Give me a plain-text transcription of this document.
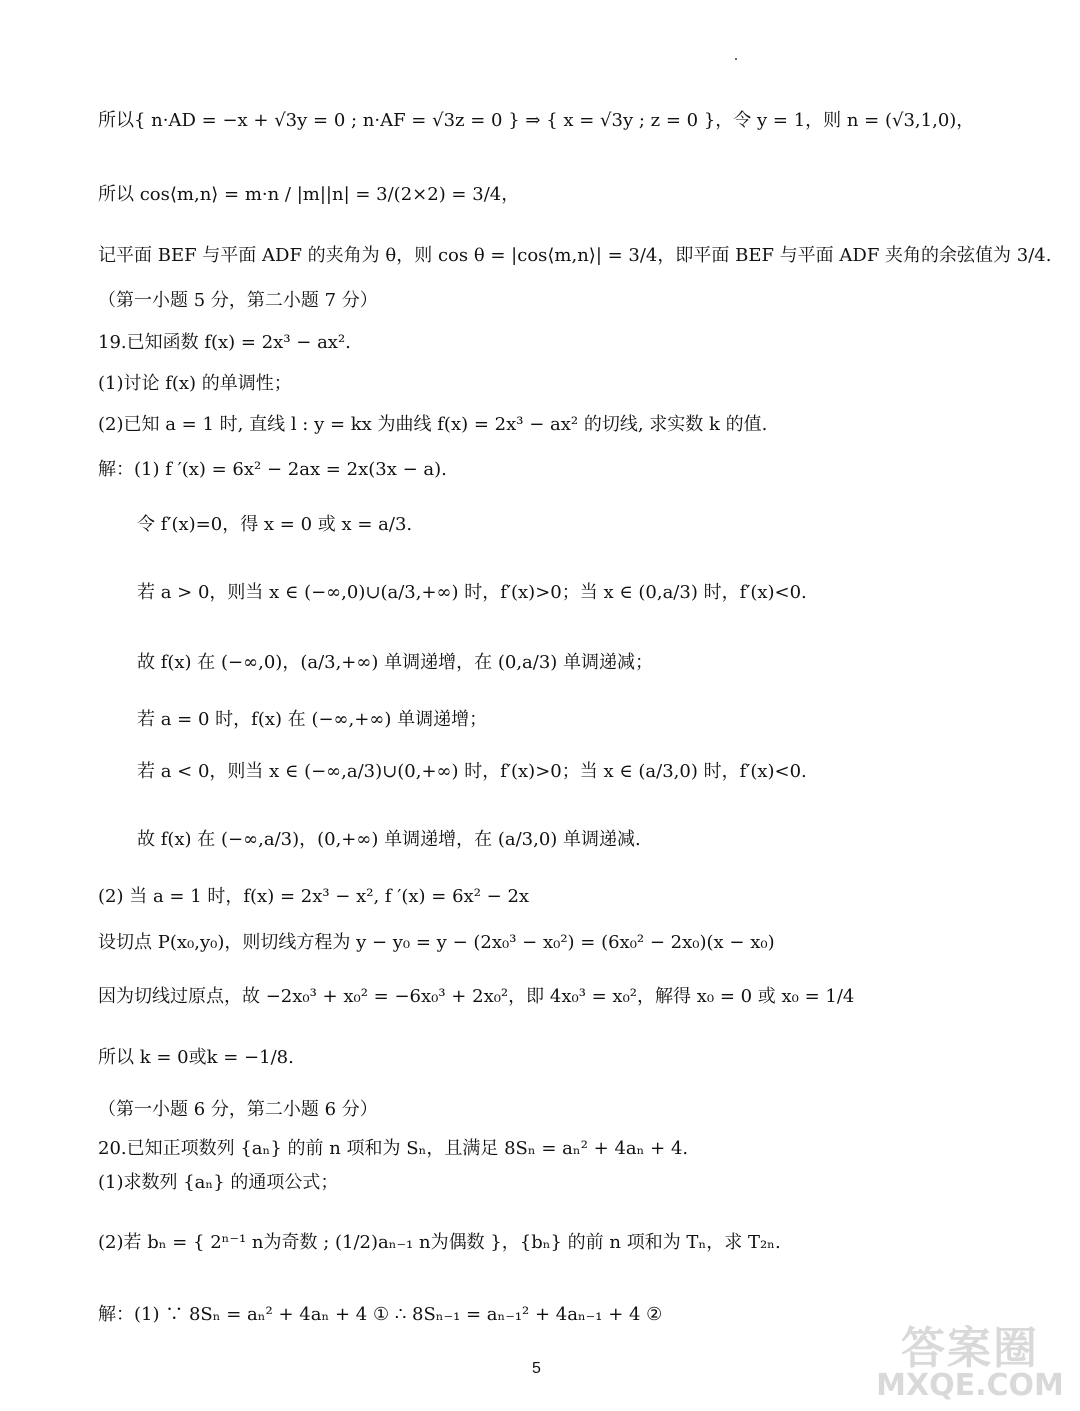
所以{ n·AD = −x + √3y = 0 ; n·AF = √3z = 0 } ⇒ { x = √3y ; z = 0 }，令 y = 1，则 n = (√3,1,0)，
所以 cos⟨m,n⟩ = m·n / |m||n| = 3/(2×2) = 3/4，
记平面 BEF 与平面 ADF 的夹角为 θ，则 cos θ = |cos⟨m,n⟩| = 3/4，即平面 BEF 与平面 ADF 夹角的余弦值为 3/4.
（第一小题 5 分，第二小题 7 分）
19.已知函数 f(x) = 2x³ − ax².
(1)讨论 f(x) 的单调性；
(2)已知 a = 1 时, 直线 l : y = kx 为曲线 f(x) = 2x³ − ax² 的切线, 求实数 k 的值.
解：(1) f ′(x) = 6x² − 2ax = 2x(3x − a).
令 f′(x)=0，得 x = 0 或 x = a/3.
若 a > 0，则当 x ∈ (−∞,0)∪(a/3,+∞) 时，f′(x)>0；当 x ∈ (0,a/3) 时，f′(x)<0.
故 f(x) 在 (−∞,0)，(a/3,+∞) 单调递增，在 (0,a/3) 单调递减；
若 a = 0 时，f(x) 在 (−∞,+∞) 单调递增；
若 a < 0，则当 x ∈ (−∞,a/3)∪(0,+∞) 时，f′(x)>0；当 x ∈ (a/3,0) 时，f′(x)<0.
故 f(x) 在 (−∞,a/3)，(0,+∞) 单调递增，在 (a/3,0) 单调递减.
(2) 当 a = 1 时，f(x) = 2x³ − x², f ′(x) = 6x² − 2x
设切点 P(x₀,y₀)，则切线方程为 y − y₀ = y − (2x₀³ − x₀²) = (6x₀² − 2x₀)(x − x₀)
因为切线过原点，故 −2x₀³ + x₀² = −6x₀³ + 2x₀²，即 4x₀³ = x₀²，解得 x₀ = 0 或 x₀ = 1/4
所以 k = 0或k = −1/8.
（第一小题 6 分，第二小题 6 分）
20.已知正项数列 {aₙ} 的前 n 项和为 Sₙ，且满足 8Sₙ = aₙ² + 4aₙ + 4.
(1)求数列 {aₙ} 的通项公式；
(2)若 bₙ = { 2ⁿ⁻¹ n为奇数 ; (1/2)aₙ₋₁ n为偶数 }，{bₙ} 的前 n 项和为 Tₙ，求 T₂ₙ.
解：(1) ∵ 8Sₙ = aₙ² + 4aₙ + 4 ① ∴ 8Sₙ₋₁ = aₙ₋₁² + 4aₙ₋₁ + 4 ②
5	答案圈
MXQE.COM
